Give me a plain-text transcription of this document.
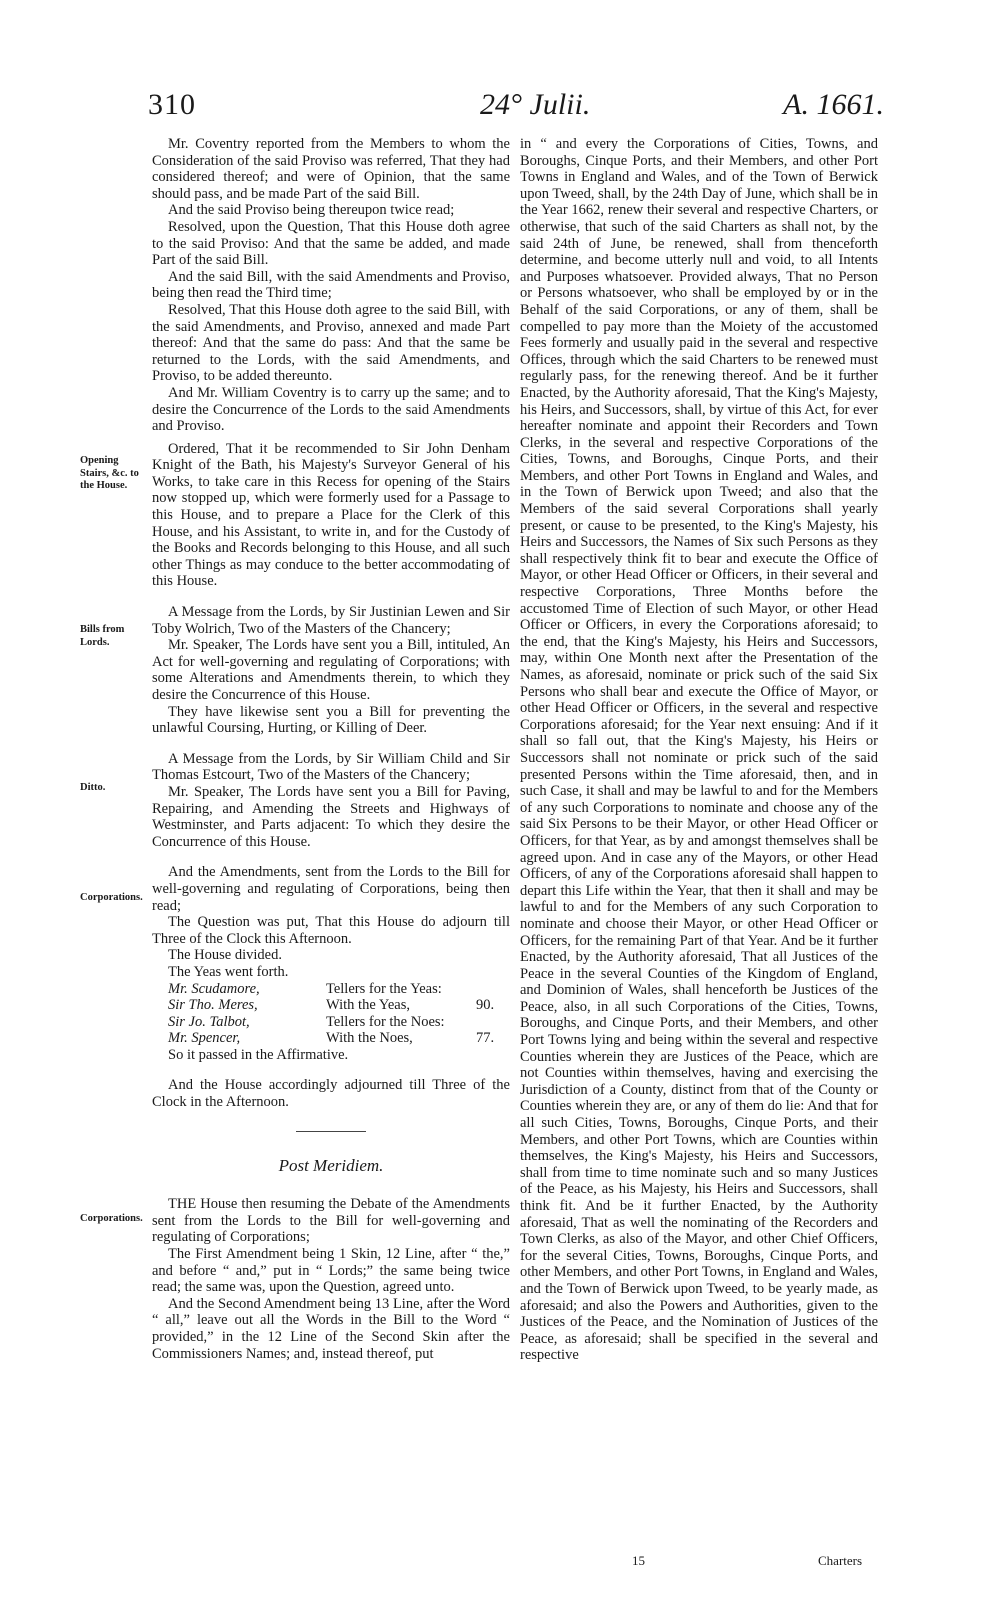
310	24° Julii.	A. 1661.
Opening Stairs, &c. to the House.
Bills from Lords.
Ditto.
Corporations.
Corporations.

Mr. Coventry reported from the Members to whom the Consideration of the said Proviso was referred, That they had considered thereof; and were of Opinion, that the same should pass, and be made Part of the said Bill.

And the said Proviso being thereupon twice read;

Resolved, upon the Question, That this House doth agree to the said Proviso: And that the same be added, and made Part of the said Bill.

And the said Bill, with the said Amendments and Proviso, being then read the Third time;

Resolved, That this House doth agree to the said Bill, with the said Amendments, and Proviso, annexed and made Part thereof: And that the same do pass: And that the same be returned to the Lords, with the said Amendments, and Proviso, to be added thereunto.

And Mr. William Coventry is to carry up the same; and to desire the Concurrence of the Lords to the said Amendments and Proviso.

Ordered, That it be recommended to Sir John Denham Knight of the Bath, his Majesty's Surveyor General of his Works, to take care in this Recess for opening of the Stairs now stopped up, which were formerly used for a Passage to this House, and to prepare a Place for the Clerk of this House, and his Assistant, to write in, and for the Custody of the Books and Records belonging to this House, and all such other Things as may conduce to the better accommodating of this House.

A Message from the Lords, by Sir Justinian Lewen and Sir Toby Wolrich, Two of the Masters of the Chancery;

Mr. Speaker, The Lords have sent you a Bill, intituled, An Act for well-governing and regulating of Corporations; with some Alterations and Amendments therein, to which they desire the Concurrence of this House.

They have likewise sent you a Bill for preventing the unlawful Coursing, Hurting, or Killing of Deer.

A Message from the Lords, by Sir William Child and Sir Thomas Estcourt, Two of the Masters of the Chancery;

Mr. Speaker, The Lords have sent you a Bill for Paving, Repairing, and Amending the Streets and Highways of Westminster, and Parts adjacent: To which they desire the Concurrence of this House.

And the Amendments, sent from the Lords to the Bill for well-governing and regulating of Corporations, being then read;

The Question was put, That this House do adjourn till Three of the Clock this Afternoon.

The House divided.

The Yeas went forth.

Mr. Scudamore,	Tellers for the Yeas:
Sir Tho. Meres,	With the Yeas,	90.
Sir Jo. Talbot,	Tellers for the Noes:
Mr. Spencer,	With the Noes,	77.

So it passed in the Affirmative.

And the House accordingly adjourned till Three of the Clock in the Afternoon.

Post Meridiem.

THE House then resuming the Debate of the Amendments sent from the Lords to the Bill for well-governing and regulating of Corporations;

The First Amendment being 1 Skin, 12 Line, after “ the,” and before “ and,” put in “ Lords;” the same being twice read; the same was, upon the Question, agreed unto.

And the Second Amendment being 13 Line, after the Word “ all,” leave out all the Words in the Bill to the Word “ provided,” in the 12 Line of the Second Skin after the Commissioners Names; and, instead thereof, put

in “ and every the Corporations of Cities, Towns, and Boroughs, Cinque Ports, and their Members, and other Port Towns in England and Wales, and of the Town of Berwick upon Tweed, shall, by the 24th Day of June, which shall be in the Year 1662, renew their several and respective Charters, or otherwise, that such of the said Charters as shall not, by the said 24th of June, be renewed, shall from thenceforth determine, and become utterly null and void, to all Intents and Purposes whatsoever. Provided always, That no Person or Persons whatsoever, who shall be employed by or in the Behalf of the said Corporations, or any of them, shall be compelled to pay more than the Moiety of the accustomed Fees formerly and usually paid in the several and respective Offices, through which the said Charters to be renewed must regularly pass, for the renewing thereof. And be it further Enacted, by the Authority aforesaid, That the King's Majesty, his Heirs, and Successors, shall, by virtue of this Act, for ever hereafter nominate and appoint their Recorders and Town Clerks, in the several and respective Corporations of the Cities, Towns, and Boroughs, Cinque Ports, and their Members, and other Port Towns in England and Wales, and in the Town of Berwick upon Tweed; and also that the Members of the said several Corporations shall yearly present, or cause to be presented, to the King's Majesty, his Heirs and Successors, the Names of Six such Persons as they shall respectively think fit to bear and execute the Office of Mayor, or other Head Officer or Officers, in their several and respective Corporations, Three Months before the accustomed Time of Election of such Mayor, or other Head Officer or Officers, in every the Corporations aforesaid; to the end, that the King's Majesty, his Heirs and Successors, may, within One Month next after the Presentation of the Names, as aforesaid, nominate or prick such of the said Six Persons who shall bear and execute the Office of Mayor, or other Head Officer or Officers, in the several and respective Corporations aforesaid; for the Year next ensuing: And if it shall so fall out, that the King's Majesty, his Heirs or Successors shall not nominate or prick such of the said presented Persons within the Time aforesaid, then, and in such Case, it shall and may be lawful to and for the Members of any such Corporations to nominate and choose any of the said Six Persons to be their Mayor, or other Head Officer or Officers, for that Year, as by and amongst themselves shall be agreed upon. And in case any of the Mayors, or other Head Officers, of any of the Corporations aforesaid shall happen to depart this Life within the Year, that then it shall and may be lawful to and for the Members of any such Corporation to nominate and choose their Mayor, or other Head Officer or Officers, for the remaining Part of that Year. And be it further Enacted, by the Authority aforesaid, That all Justices of the Peace in the several Counties of the Kingdom of England, and Dominion of Wales, shall henceforth be Justices of the Peace, also, in all such Corporations of the Cities, Towns, Boroughs, and Cinque Ports, and their Members, and other Port Towns lying and being within the several and respective Counties wherein they are Justices of the Peace, which are not Counties within themselves, having and exercising the Jurisdiction of a County, distinct from that of the County or Counties wherein they are, or any of them do lie: And that for all such Cities, Towns, Boroughs, Cinque Ports, and their Members, and other Port Towns, which are Counties within themselves, the King's Majesty, his Heirs and Successors, shall from time to time nominate such and so many Justices of the Peace, as his Majesty, his Heirs and Successors, shall think fit. And be it further Enacted, by the Authority aforesaid, That as well the nominating of the Recorders and Town Clerks, as also of the Mayor, and other Chief Officers, for the several Cities, Towns, Boroughs, Cinque Ports, and other Members, and other Port Towns, in England and Wales, and the Town of Berwick upon Tweed, to be yearly made, as aforesaid; and also the Powers and Authorities, given to the Justices of the Peace, and the Nomination of Justices of the Peace, as aforesaid; shall be specified in the several and respective

15	Charters
